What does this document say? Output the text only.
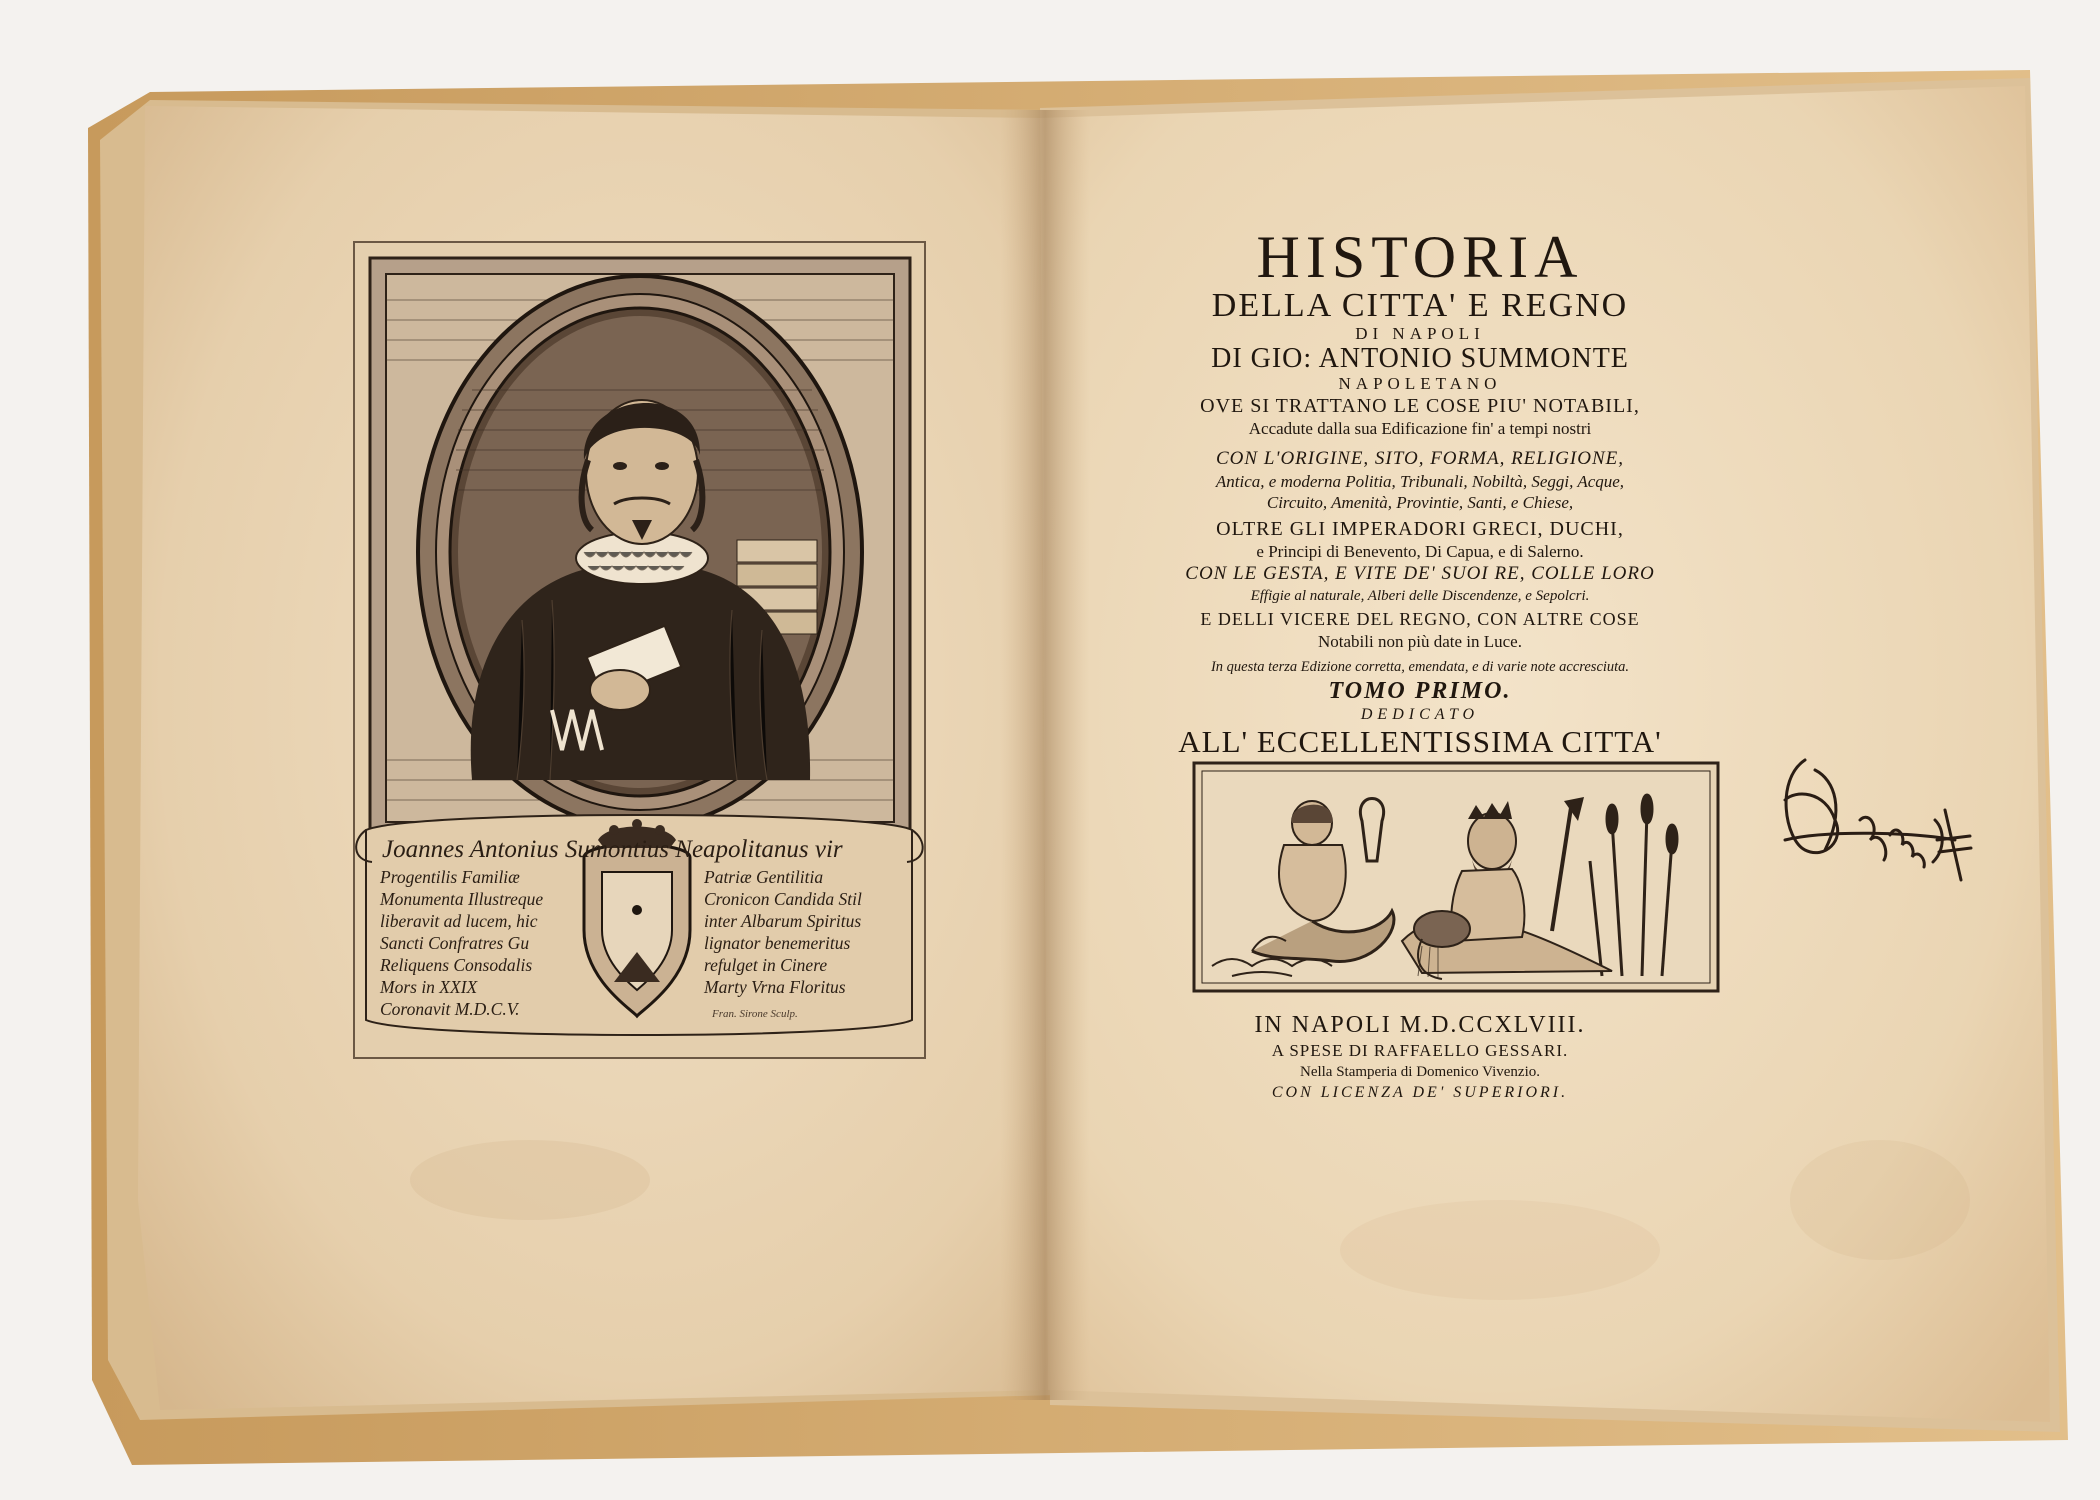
Joannes Antonius Sumontius Neapolitanus vir
Progentilis Familiæ
Monumenta Illustreque
liberavit ad lucem, hic
Sancti Confratres Gu
Reliquens Consodalis
Mors in XXIX
Coronavit M.D.C.V.
Patriæ Gentilitia
Cronicon Candida Stil
inter Albarum Spiritus
lignator benemeritus
refulget in Cinere
Marty Vrna Floritus
Fran. Sirone Sculp.
HISTORIA
DELLA CITTA' E REGNO
DI NAPOLI
DI GIO: ANTONIO SUMMONTE
NAPOLETANO
OVE SI TRATTANO LE COSE PIU' NOTABILI,
Accadute dalla sua Edificazione fin' a tempi nostri
CON L'ORIGINE, SITO, FORMA, RELIGIONE,
Antica, e moderna Politia, Tribunali, Nobiltà, Seggi, Acque,
Circuito, Amenità, Provintie, Santi, e Chiese,
OLTRE GLI IMPERADORI GRECI, DUCHI,
e Principi di Benevento, Di Capua, e di Salerno.
CON LE GESTA, E VITE DE' SUOI RE, COLLE LORO
Effigie al naturale, Alberi delle Discendenze, e Sepolcri.
E DELLI VICERE DEL REGNO, CON ALTRE COSE
Notabili non più date in Luce.
In questa terza Edizione corretta, emendata, e di varie note accresciuta.
TOMO PRIMO.
DEDICATO
ALL' ECCELLENTISSIMA CITTA'
IN NAPOLI M.D.CCXLVIII.
A SPESE DI RAFFAELLO GESSARI.
Nella Stamperia di Domenico Vivenzio.
CON LICENZA DE' SUPERIORI.
